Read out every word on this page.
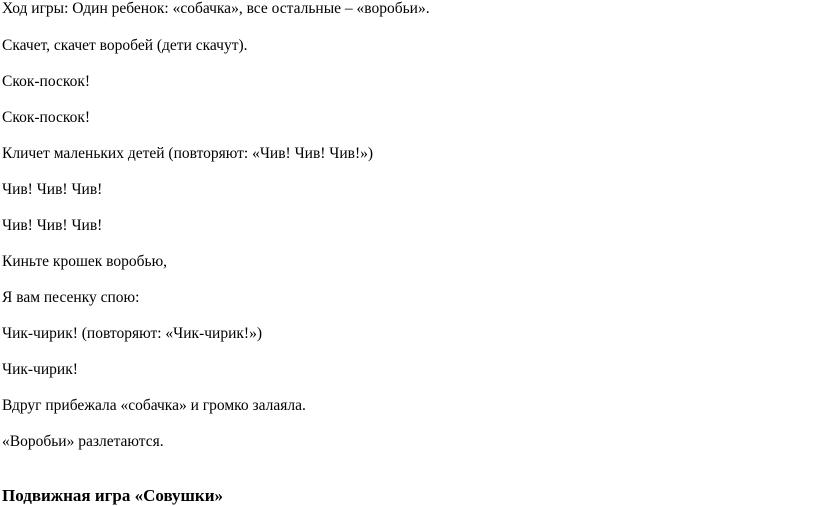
Ход игры: Один ребенок: «собачка», все остальные – «воробьи».
Скачет, скачет воробей (дети скачут).
Скок-поскок!
Скок-поскок!
Кличет маленьких детей (повторяют: «Чив! Чив! Чив!»)
Чив! Чив! Чив!
Чив! Чив! Чив!
Киньте крошек воробью,
Я вам песенку спою:
Чик-чирик! (повторяют: «Чик-чирик!»)
Чик-чирик!
Вдруг прибежала «собачка» и громко залаяла.
«Воробьи» разлетаются.
Подвижная игра «Совушки»
